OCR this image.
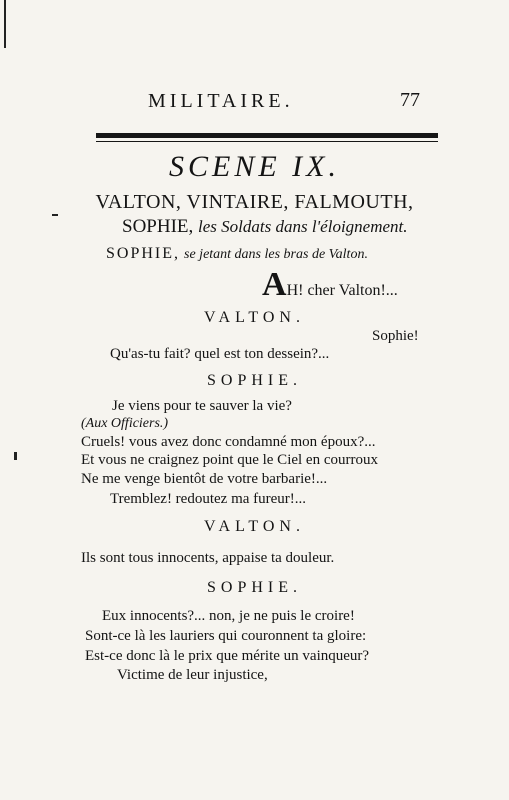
MILITAIRE.	77
SCENE IX.
VALTON, VINTAIRE, FALMOUTH,
SOPHIE, les Soldats dans l'éloignement.
SOPHIE, se jetant dans les bras de Valton.
AH! cher Valton!...
VALTON.
Sophie!
Qu'as-tu fait? quel est ton dessein?...
SOPHIE.
Je viens pour te sauver la vie?
(Aux Officiers.)
Cruels! vous avez donc condamné mon époux?...
Et vous ne craignez point que le Ciel en courroux
Ne me venge bientôt de votre barbarie!...
Tremblez! redoutez ma fureur!...
VALTON.
Ils sont tous innocents, appaise ta douleur.
SOPHIE.
Eux innocents?... non, je ne puis le croire!
Sont-ce là les lauriers qui couronnent ta gloire:
Est-ce donc là le prix que mérite un vainqueur?
Victime de leur injustice,
